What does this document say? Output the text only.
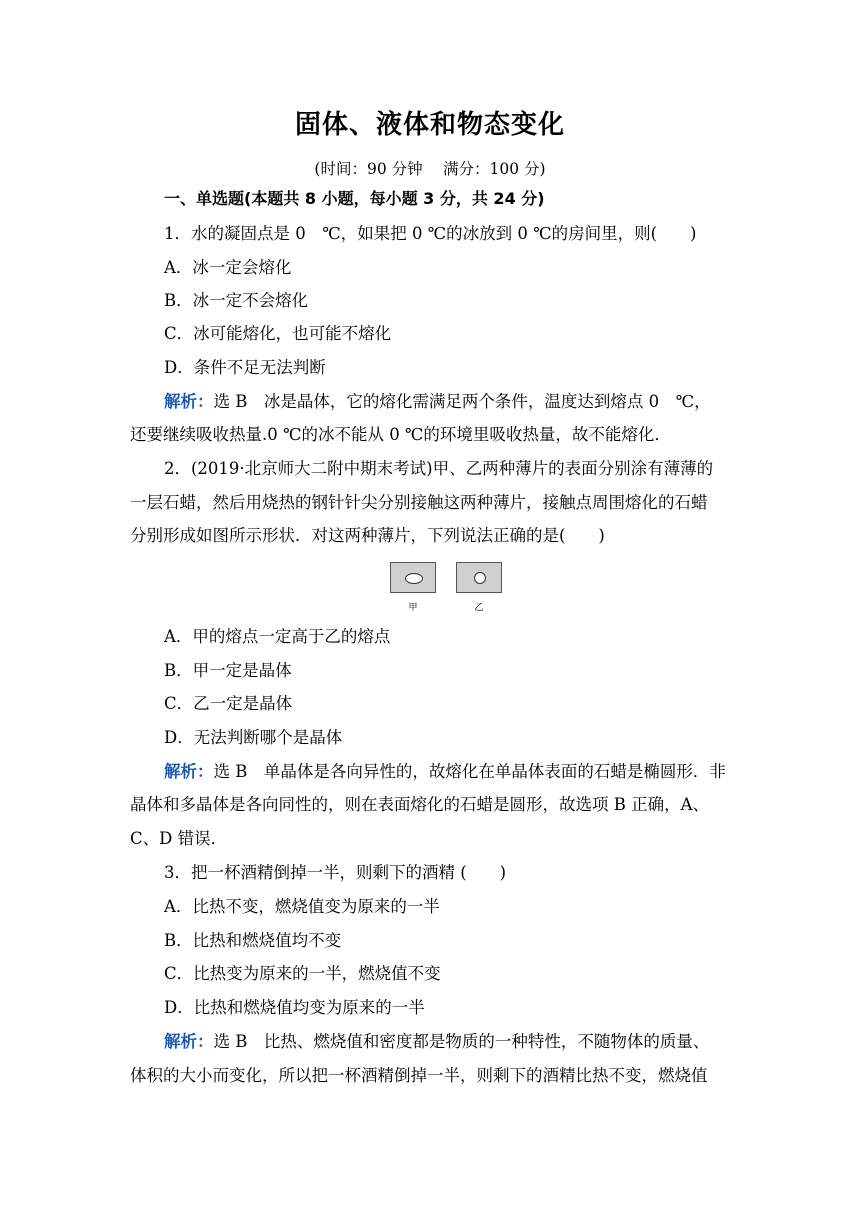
固体、液体和物态变化
(时间：90 分钟　 满分：100 分)
一、单选题(本题共 8 小题，每小题 3 分，共 24 分)
1．水的凝固点是 0　℃，如果把 0 ℃的冰放到 0 ℃的房间里，则(　　)
A．冰一定会熔化
B．冰一定不会熔化
C．冰可能熔化，也可能不熔化
D．条件不足无法判断
解析：选 B　冰是晶体，它的熔化需满足两个条件，温度达到熔点 0　℃，
还要继续吸收热量.0 ℃的冰不能从 0 ℃的环境里吸收热量，故不能熔化．
2．(2019·北京师大二附中期末考试)甲、乙两种薄片的表面分别涂有薄薄的
一层石蜡，然后用烧热的钢针针尖分别接触这两种薄片，接触点周围熔化的石蜡
分别形成如图所示形状．对这两种薄片，下列说法正确的是(　　)
甲	乙
A．甲的熔点一定高于乙的熔点
B．甲一定是晶体
C．乙一定是晶体
D．无法判断哪个是晶体
解析：选 B　单晶体是各向异性的，故熔化在单晶体表面的石蜡是椭圆形．非
晶体和多晶体是各向同性的，则在表面熔化的石蜡是圆形，故选项 B 正确，A、
C、D 错误．
3．把一杯酒精倒掉一半，则剩下的酒精 (　　)
A．比热不变，燃烧值变为原来的一半
B．比热和燃烧值均不变
C．比热变为原来的一半，燃烧值不变
D．比热和燃烧值均变为原来的一半
解析：选 B　比热、燃烧值和密度都是物质的一种特性，不随物体的质量、
体积的大小而变化，所以把一杯酒精倒掉一半，则剩下的酒精比热不变，燃烧值
